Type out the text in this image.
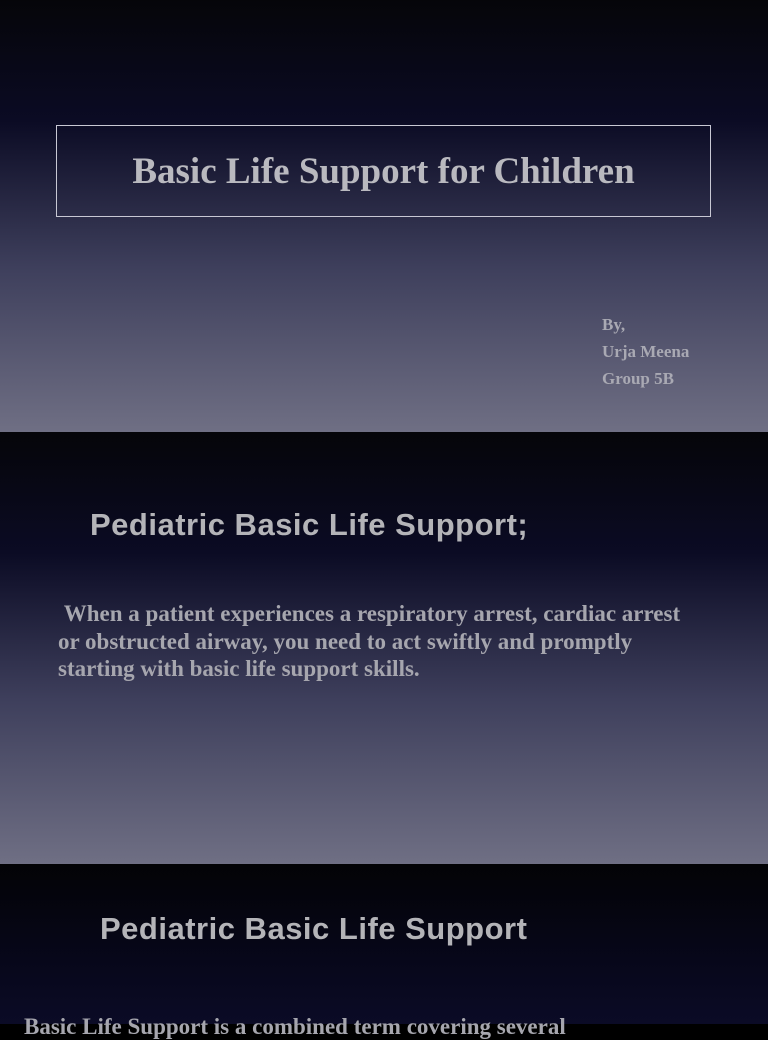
Basic Life Support for Children
By,
Urja Meena
Group 5B
Pediatric Basic Life Support;
When a patient experiences a respiratory arrest, cardiac arrest or obstructed airway, you need to act swiftly and promptly starting with basic life support skills.
Pediatric Basic Life Support
Basic Life Support is a combined term covering several
